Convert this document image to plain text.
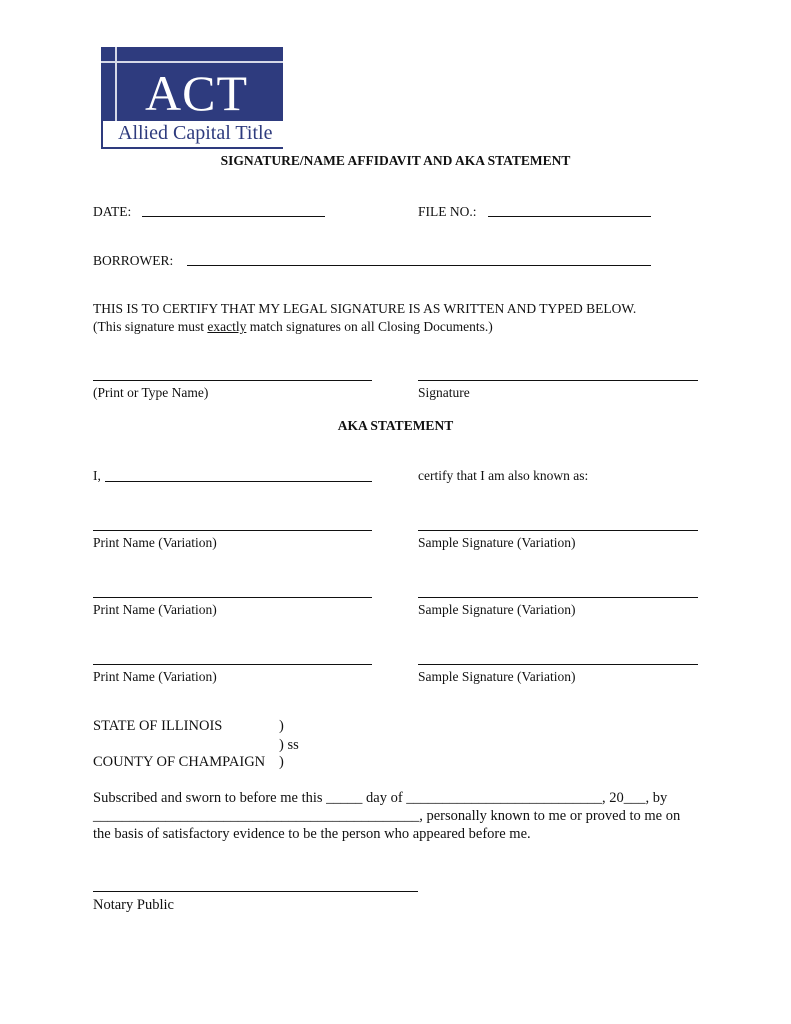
ACT
Allied Capital Title
SIGNATURE/NAME AFFIDAVIT AND AKA STATEMENT
DATE:	FILE NO.:
BORROWER:
THIS IS TO CERTIFY THAT MY LEGAL SIGNATURE IS AS WRITTEN AND TYPED BELOW.
(This signature must exactly match signatures on all Closing Documents.)
(Print or Type Name)	Signature
AKA STATEMENT
I,	certify that I am also known as:
Print Name (Variation)	Sample Signature (Variation)
Print Name (Variation)	Sample Signature (Variation)
Print Name (Variation)	Sample Signature (Variation)
STATE OF ILLINOIS	)
) ss
COUNTY OF CHAMPAIGN )
Subscribed and sworn to before me this _____ day of ___________________________, 20___, by
_____________________________________________, personally known to me or proved to me on
the basis of satisfactory evidence to be the person who appeared before me.
Notary Public
